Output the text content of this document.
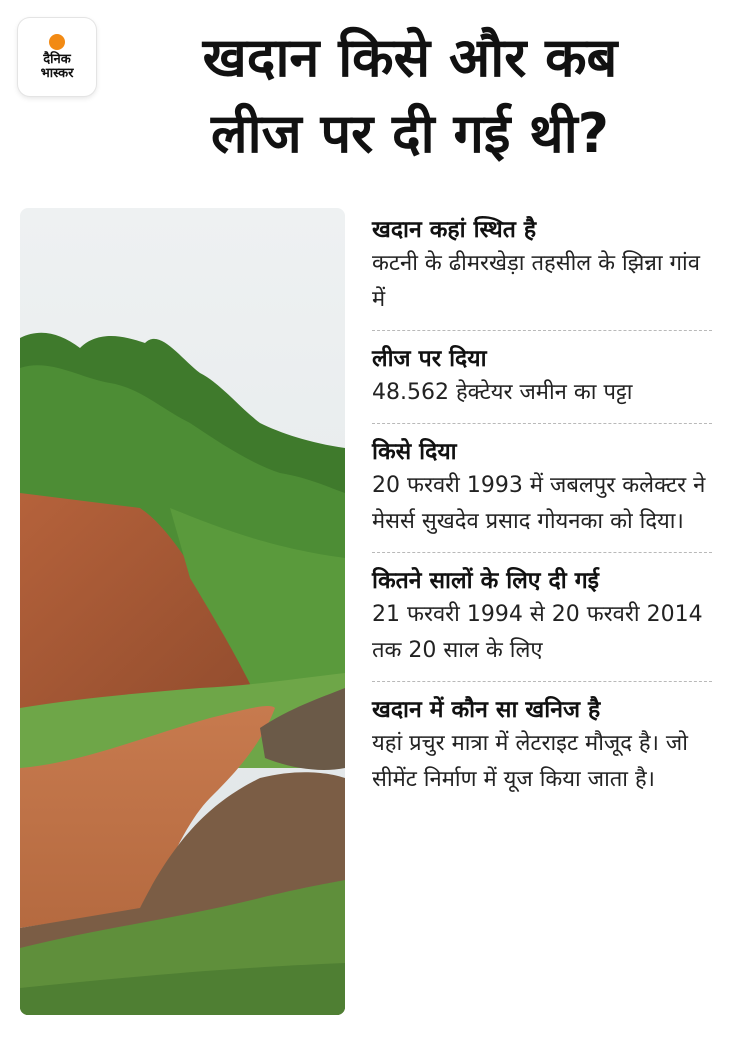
दैनिक
भास्कर	खदान किसे और कब
लीज पर दी गई थी?
खदान कहां स्थित है

कटनी के ढीमरखेड़ा तहसील के झिन्ना गांव में

लीज पर दिया

48.562 हेक्टेयर जमीन का पट्टा

किसे दिया

20 फरवरी 1993 में जबलपुर कलेक्टर ने मेसर्स सुखदेव प्रसाद गोयनका को दिया।

कितने सालों के लिए दी गई

21 फरवरी 1994 से 20 फरवरी 2014 तक 20 साल के लिए

खदान में कौन सा खनिज है

यहां प्रचुर मात्रा में लेटराइट मौजूद है। जो सीमेंट निर्माण में यूज किया जाता है।
